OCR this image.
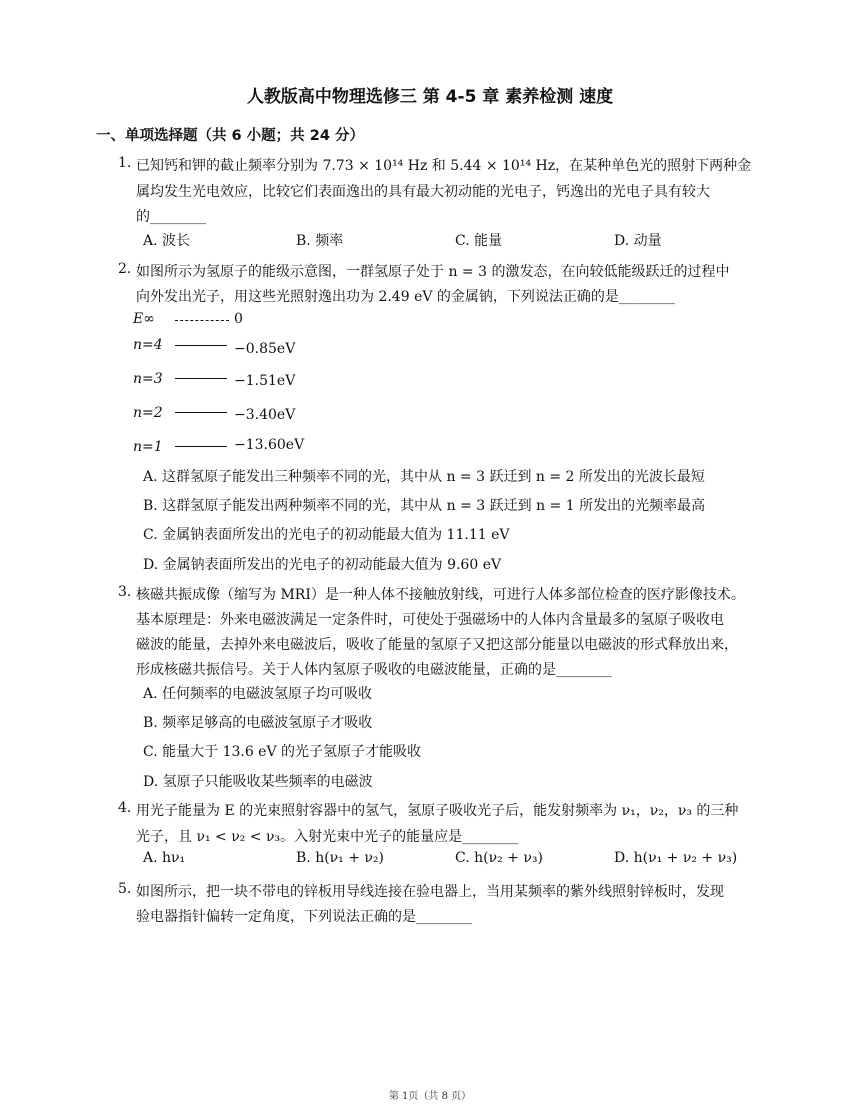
人教版高中物理选修三 第 4-5 章 素养检测 速度
一、单项选择题（共 6 小题；共 24 分）
1. 已知钙和钾的截止频率分别为 7.73 × 10¹⁴ Hz 和 5.44 × 10¹⁴ Hz，在某种单色光的照射下两种金
属均发生光电效应，比较它们表面逸出的具有最大初动能的光电子，钙逸出的光电子具有较大
的________
A. 波长	B. 频率	C. 能量	D. 动量
2. 如图所示为氢原子的能级示意图，一群氢原子处于 n = 3 的激发态，在向较低能级跃迁的过程中
向外发出光子，用这些光照射逸出功为 2.49 eV 的金属钠，下列说法正确的是________
E∞	0
n=4	−0.85eV
n=3	−1.51eV
n=2	−3.40eV
n=1	−13.60eV
A. 这群氢原子能发出三种频率不同的光，其中从 n = 3 跃迁到 n = 2 所发出的光波长最短
B. 这群氢原子能发出两种频率不同的光，其中从 n = 3 跃迁到 n = 1 所发出的光频率最高
C. 金属钠表面所发出的光电子的初动能最大值为 11.11 eV
D. 金属钠表面所发出的光电子的初动能最大值为 9.60 eV
3. 核磁共振成像（缩写为 MRI）是一种人体不接触放射线，可进行人体多部位检查的医疗影像技术。
基本原理是：外来电磁波满足一定条件时，可使处于强磁场中的人体内含量最多的氢原子吸收电
磁波的能量，去掉外来电磁波后，吸收了能量的氢原子又把这部分能量以电磁波的形式释放出来，
形成核磁共振信号。关于人体内氢原子吸收的电磁波能量，正确的是________
A. 任何频率的电磁波氢原子均可吸收
B. 频率足够高的电磁波氢原子才吸收
C. 能量大于 13.6 eV 的光子氢原子才能吸收
D. 氢原子只能吸收某些频率的电磁波
4. 用光子能量为 E 的光束照射容器中的氢气，氢原子吸收光子后，能发射频率为 ν₁，ν₂，ν₃ 的三种
光子，且 ν₁ < ν₂ < ν₃。入射光束中光子的能量应是________
A. hν₁	B. h(ν₁ + ν₂)	C. h(ν₂ + ν₃)	D. h(ν₁ + ν₂ + ν₃)
5. 如图所示，把一块不带电的锌板用导线连接在验电器上，当用某频率的紫外线照射锌板时，发现
验电器指针偏转一定角度，下列说法正确的是________
第 1页（共 8 页）
